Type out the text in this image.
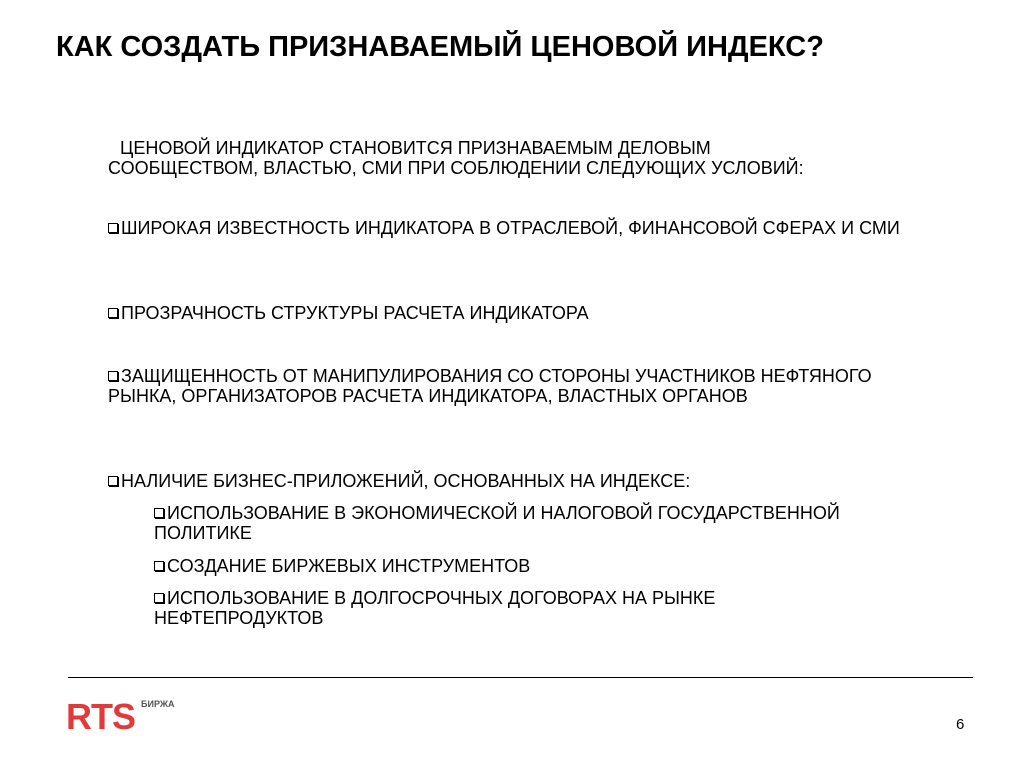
КАК СОЗДАТЬ ПРИЗНАВАЕМЫЙ ЦЕНОВОЙ ИНДЕКС?
ЦЕНОВОЙ ИНДИКАТОР СТАНОВИТСЯ ПРИЗНАВАЕМЫМ ДЕЛОВЫМ
СООБЩЕСТВОМ, ВЛАСТЬЮ, СМИ ПРИ СОБЛЮДЕНИИ СЛЕДУЮЩИХ УСЛОВИЙ:
ШИРОКАЯ ИЗВЕСТНОСТЬ ИНДИКАТОРА В ОТРАСЛЕВОЙ, ФИНАНСОВОЙ СФЕРАХ И СМИ
ПРОЗРАЧНОСТЬ СТРУКТУРЫ РАСЧЕТА ИНДИКАТОРА
ЗАЩИЩЕННОСТЬ ОТ МАНИПУЛИРОВАНИЯ СО СТОРОНЫ УЧАСТНИКОВ НЕФТЯНОГО РЫНКА, ОРГАНИЗАТОРОВ РАСЧЕТА ИНДИКАТОРА, ВЛАСТНЫХ ОРГАНОВ
НАЛИЧИЕ БИЗНЕС-ПРИЛОЖЕНИЙ, ОСНОВАННЫХ НА ИНДЕКСЕ:
ИСПОЛЬЗОВАНИЕ В ЭКОНОМИЧЕСКОЙ И НАЛОГОВОЙ ГОСУДАРСТВЕННОЙ ПОЛИТИКЕ
СОЗДАНИЕ БИРЖЕВЫХ ИНСТРУМЕНТОВ
ИСПОЛЬЗОВАНИЕ В ДОЛГОСРОЧНЫХ ДОГОВОРАХ НА РЫНКЕ НЕФТЕПРОДУКТОВ
RTS БИРЖА
6
